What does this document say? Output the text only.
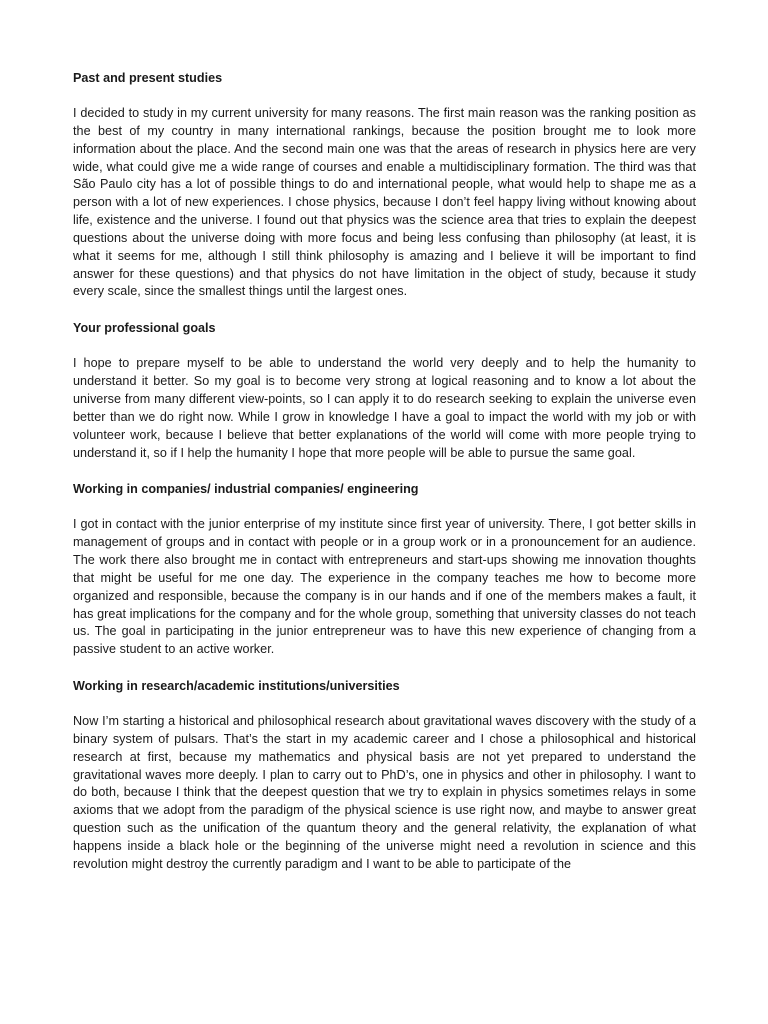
Past and present studies

I decided to study in my current university for many reasons. The first main reason was the ranking position as the best of my country in many international rankings, because the position brought me to look more information about the place. And the second main one was that the areas of research in physics here are very wide, what could give me a wide range of courses and enable a multidisciplinary formation. The third was that São Paulo city has a lot of possible things to do and international people, what would help to shape me as a person with a lot of new experiences. I chose physics, because I don’t feel happy living without knowing about life, existence and the universe. I found out that physics was the science area that tries to explain the deepest questions about the universe doing with more focus and being less confusing than philosophy (at least, it is what it seems for me, although I still think philosophy is amazing and I believe it will be important to find answer for these questions) and that physics do not have limitation in the object of study, because it study every scale, since the smallest things until the largest ones.

Your professional goals

I hope to prepare myself to be able to understand the world very deeply and to help the humanity to understand it better. So my goal is to become very strong at logical reasoning and to know a lot about the universe from many different view-points, so I can apply it to do research seeking to explain the universe even better than we do right now. While I grow in knowledge I have a goal to impact the world with my job or with volunteer work, because I believe that better explanations of the world will come with more people trying to understand it, so if I help the humanity I hope that more people will be able to pursue the same goal.

Working in companies/ industrial companies/ engineering

I got in contact with the junior enterprise of my institute since first year of university. There, I got better skills in management of groups and in contact with people or in a group work or in a pronouncement for an audience. The work there also brought me in contact with entrepreneurs and start-ups showing me innovation thoughts that might be useful for me one day. The experience in the company teaches me how to become more organized and responsible, because the company is in our hands and if one of the members makes a fault, it has great implications for the company and for the whole group, something that university classes do not teach us. The goal in participating in the junior entrepreneur was to have this new experience of changing from a passive student to an active worker.

Working in research/academic institutions/universities

Now I’m starting a historical and philosophical research about gravitational waves discovery with the study of a binary system of pulsars. That’s the start in my academic career and I chose a philosophical and historical research at first, because my mathematics and physical basis are not yet prepared to understand the gravitational waves more deeply. I plan to carry out to PhD’s, one in physics and other in philosophy. I want to do both, because I think that the deepest question that we try to explain in physics sometimes relays in some axioms that we adopt from the paradigm of the physical science is use right now, and maybe to answer great question such as the unification of the quantum theory and the general relativity, the explanation of what happens inside a black hole or the beginning of the universe might need a revolution in science and this revolution might destroy the currently paradigm and I want to be able to participate of the
